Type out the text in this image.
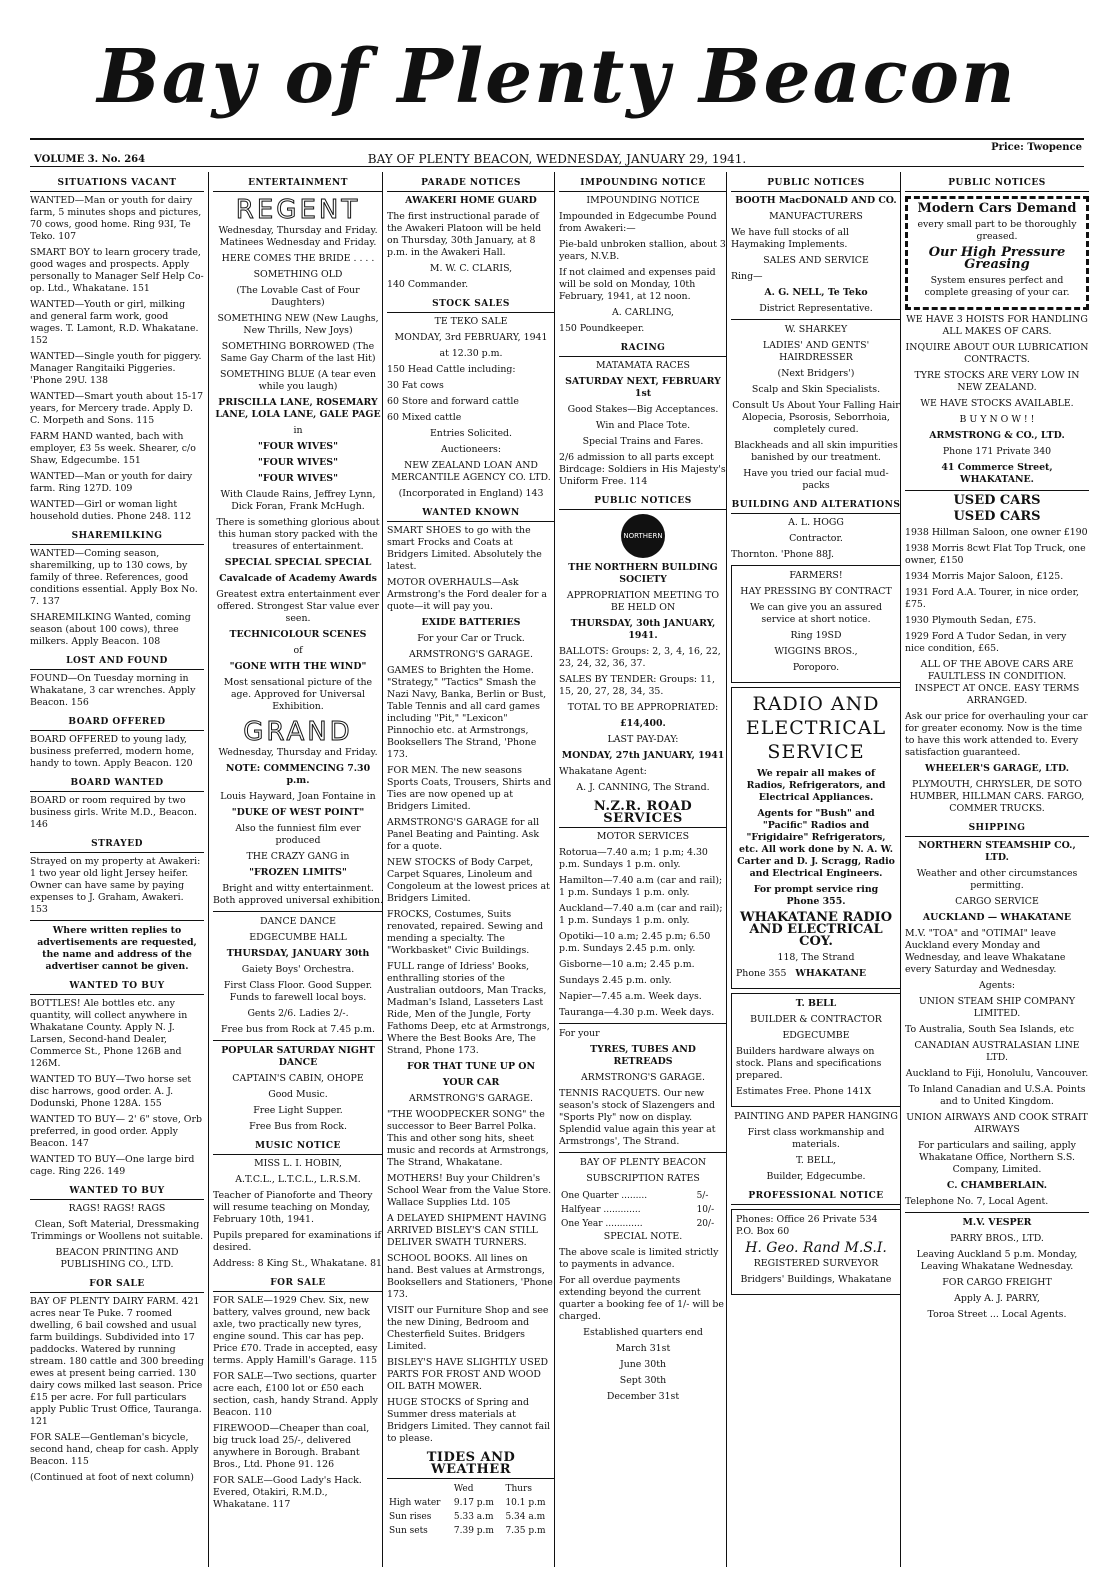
Bay of Plenty Beacon
VOLUME 3. No. 264	BAY OF PLENTY BEACON, WEDNESDAY, JANUARY 29, 1941.
Price: Twopence
SITUATIONS VACANT

WANTED—Man or youth for dairy farm, 5 minutes shops and pictures, 70 cows, good home. Ring 93I, Te Teko. 107

SMART BOY to learn grocery trade, good wages and prospects. Apply personally to Manager Self Help Co-op. Ltd., Whakatane. 151

WANTED—Youth or girl, milking and general farm work, good wages. T. Lamont, R.D. Whakatane. 152

WANTED—Single youth for piggery. Manager Rangitaiki Piggeries. 'Phone 29U. 138

WANTED—Smart youth about 15-17 years, for Mercery trade. Apply D. C. Morpeth and Sons. 115

FARM HAND wanted, bach with employer, £3 5s week. Shearer, c/o Shaw, Edgecumbe. 151

WANTED—Man or youth for dairy farm. Ring 127D. 109

WANTED—Girl or woman light household duties. Phone 248. 112

SHAREMILKING

WANTED—Coming season, sharemilking, up to 130 cows, by family of three. References, good conditions essential. Apply Box No. 7. 137

SHAREMILKING Wanted, coming season (about 100 cows), three milkers. Apply Beacon. 108

LOST AND FOUND

FOUND—On Tuesday morning in Whakatane, 3 car wrenches. Apply Beacon. 156

BOARD OFFERED

BOARD OFFERED to young lady, business preferred, modern home, handy to town. Apply Beacon. 120

BOARD WANTED

BOARD or room required by two business girls. Write M.D., Beacon. 146

STRAYED

Strayed on my property at Awakeri: 1 two year old light Jersey heifer. Owner can have same by paying expenses to J. Graham, Awakeri. 153

Where written replies to advertisements are requested, the name and address of the advertiser cannot be given.

WANTED TO BUY

BOTTLES! Ale bottles etc. any quantity, will collect anywhere in Whakatane County. Apply N. J. Larsen, Second-hand Dealer, Commerce St., Phone 126B and 126M.

WANTED TO BUY—Two horse set disc harrows, good order. A. J. Dodunski, Phone 128A. 155

WANTED TO BUY— 2' 6" stove, Orb preferred, in good order. Apply Beacon. 147

WANTED TO BUY—One large bird cage. Ring 226. 149

WANTED TO BUY

RAGS! RAGS! RAGS

Clean, Soft Material, Dressmaking Trimmings or Woollens not suitable.

BEACON PRINTING AND PUBLISHING CO., LTD.

FOR SALE

BAY OF PLENTY DAIRY FARM. 421 acres near Te Puke. 7 roomed dwelling, 6 bail cowshed and usual farm buildings. Subdivided into 17 paddocks. Watered by running stream. 180 cattle and 300 breeding ewes at present being carried. 130 dairy cows milked last season. Price £15 per acre. For full particulars apply Public Trust Office, Tauranga. 121

FOR SALE—Gentleman's bicycle, second hand, cheap for cash. Apply Beacon. 115

(Continued at foot of next column)

ENTERTAINMENT
REGENT

Wednesday, Thursday and Friday. Matinees Wednesday and Friday.

HERE COMES THE BRIDE . . . .

SOMETHING OLD

(The Lovable Cast of Four Daughters)

SOMETHING NEW (New Laughs, New Thrills, New Joys)

SOMETHING BORROWED (The Same Gay Charm of the last Hit)

SOMETHING BLUE (A tear even while you laugh)

PRISCILLA LANE, ROSEMARY LANE, LOLA LANE, GALE PAGE

in

"FOUR WIVES"

"FOUR WIVES"

"FOUR WIVES"

With Claude Rains, Jeffrey Lynn, Dick Foran, Frank McHugh.

There is something glorious about this human story packed with the treasures of entertainment.

SPECIAL SPECIAL SPECIAL

Cavalcade of Academy Awards

Greatest extra entertainment ever offered. Strongest Star value ever seen.

TECHNICOLOUR SCENES

of

"GONE WITH THE WIND"

Most sensational picture of the age. Approved for Universal Exhibition.

GRAND

Wednesday, Thursday and Friday.

NOTE: COMMENCING 7.30 p.m.

Louis Hayward, Joan Fontaine in

"DUKE OF WEST POINT"

Also the funniest film ever produced

THE CRAZY GANG in

"FROZEN LIMITS"

Bright and witty entertainment. Both approved universal exhibition.

DANCE DANCE

EDGECUMBE HALL

THURSDAY, JANUARY 30th

Gaiety Boys' Orchestra.

First Class Floor. Good Supper. Funds to farewell local boys.

Gents 2/6. Ladies 2/-.

Free bus from Rock at 7.45 p.m.

POPULAR SATURDAY NIGHT DANCE

CAPTAIN'S CABIN, OHOPE

Good Music.

Free Light Supper.

Free Bus from Rock.

MUSIC NOTICE

MISS L. I. HOBIN,

A.T.C.L., L.T.C.L., L.R.S.M.

Teacher of Pianoforte and Theory will resume teaching on Monday, February 10th, 1941.

Pupils prepared for examinations if desired.

Address: 8 King St., Whakatane. 81

FOR SALE

FOR SALE—1929 Chev. Six, new battery, valves ground, new back axle, two practically new tyres, engine sound. This car has pep. Price £70. Trade in accepted, easy terms. Apply Hamill's Garage. 115

FOR SALE—Two sections, quarter acre each, £100 lot or £50 each section, cash, handy Strand. Apply Beacon. 110

FIREWOOD—Cheaper than coal, big truck load 25/-, delivered anywhere in Borough. Brabant Bros., Ltd. Phone 91. 126

FOR SALE—Good Lady's Hack. Evered, Otakiri, R.M.D., Whakatane. 117

PARADE NOTICES

AWAKERI HOME GUARD

The first instructional parade of the Awakeri Platoon will be held on Thursday, 30th January, at 8 p.m. in the Awakeri Hall.

M. W. C. CLARIS,

140 Commander.

STOCK SALES

TE TEKO SALE

MONDAY, 3rd FEBRUARY, 1941

at 12.30 p.m.

150 Head Cattle including:

30 Fat cows

60 Store and forward cattle

60 Mixed cattle

Entries Solicited.

Auctioneers:

NEW ZEALAND LOAN AND MERCANTILE AGENCY CO. LTD.

(Incorporated in England) 143

WANTED KNOWN

SMART SHOES to go with the smart Frocks and Coats at Bridgers Limited. Absolutely the latest.

MOTOR OVERHAULS—Ask Armstrong's the Ford dealer for a quote—it will pay you.

EXIDE BATTERIES

For your Car or Truck.

ARMSTRONG'S GARAGE.

GAMES to Brighten the Home. "Strategy," "Tactics" Smash the Nazi Navy, Banka, Berlin or Bust, Table Tennis and all card games including "Pit," "Lexicon" Pinnochio etc. at Armstrongs, Booksellers The Strand, 'Phone 173.

FOR MEN. The new seasons Sports Coats, Trousers, Shirts and Ties are now opened up at Bridgers Limited.

ARMSTRONG'S GARAGE for all Panel Beating and Painting. Ask for a quote.

NEW STOCKS of Body Carpet, Carpet Squares, Linoleum and Congoleum at the lowest prices at Bridgers Limited.

FROCKS, Costumes, Suits renovated, repaired. Sewing and mending a specialty. The "Workbasket" Civic Buildings.

FULL range of Idriess' Books, enthralling stories of the Australian outdoors, Man Tracks, Madman's Island, Lasseters Last Ride, Men of the Jungle, Forty Fathoms Deep, etc at Armstrongs, Where the Best Books Are, The Strand, Phone 173.

FOR THAT TUNE UP ON

YOUR CAR

ARMSTRONG'S GARAGE.

"THE WOODPECKER SONG" the successor to Beer Barrel Polka. This and other song hits, sheet music and records at Armstrongs, The Strand, Whakatane.

MOTHERS! Buy your Children's School Wear from the Value Store. Wallace Supplies Ltd. 105

A DELAYED SHIPMENT HAVING ARRIVED BISLEY'S CAN STILL DELIVER SWATH TURNERS.

SCHOOL BOOKS. All lines on hand. Best values at Armstrongs, Booksellers and Stationers, 'Phone 173.

VISIT our Furniture Shop and see the new Dining, Bedroom and Chesterfield Suites. Bridgers Limited.

BISLEY'S HAVE SLIGHTLY USED PARTS FOR FROST AND WOOD OIL BATH MOWER.

HUGE STOCKS of Spring and Summer dress materials at Bridgers Limited. They cannot fail to please.

TIDES AND WEATHER
	Wed	Thurs
High water	9.17 p.m	10.1 p.m
Sun rises	5.33 a.m	5.34 a.m
Sun sets	7.39 p.m	7.35 p.m
IMPOUNDING NOTICE

IMPOUNDING NOTICE

Impounded in Edgecumbe Pound from Awakeri:—

Pie-bald unbroken stallion, about 3 years, N.V.B.

If not claimed and expenses paid will be sold on Monday, 10th February, 1941, at 12 noon.

A. CARLING,

150 Poundkeeper.

RACING

MATAMATA RACES

SATURDAY NEXT, FEBRUARY 1st

Good Stakes—Big Acceptances.

Win and Place Tote.

Special Trains and Fares.

2/6 admission to all parts except Birdcage: Soldiers in His Majesty's Uniform Free. 114

PUBLIC NOTICES
NORTHERN

THE NORTHERN BUILDING SOCIETY

APPROPRIATION MEETING TO BE HELD ON

THURSDAY, 30th JANUARY, 1941.

BALLOTS: Groups: 2, 3, 4, 16, 22, 23, 24, 32, 36, 37.

SALES BY TENDER: Groups: 11, 15, 20, 27, 28, 34, 35.

TOTAL TO BE APPROPRIATED:

£14,400.

LAST PAY-DAY:

MONDAY, 27th JANUARY, 1941

Whakatane Agent:

A. J. CANNING, The Strand.

N.Z.R. ROAD SERVICES

MOTOR SERVICES

Rotorua—7.40 a.m; 1 p.m; 4.30 p.m. Sundays 1 p.m. only.

Hamilton—7.40 a.m (car and rail); 1 p.m. Sundays 1 p.m. only.

Auckland—7.40 a.m (car and rail); 1 p.m. Sundays 1 p.m. only.

Opotiki—10 a.m; 2.45 p.m; 6.50 p.m. Sundays 2.45 p.m. only.

Gisborne—10 a.m; 2.45 p.m.

Sundays 2.45 p.m. only.

Napier—7.45 a.m. Week days.

Tauranga—4.30 p.m. Week days.

For your

TYRES, TUBES AND RETREADS

ARMSTRONG'S GARAGE.

TENNIS RACQUETS. Our new season's stock of Slazengers and "Sports Ply" now on display. Splendid value again this year at Armstrongs', The Strand.

BAY OF PLENTY BEACON

SUBSCRIPTION RATES

One Quarter .........	5/-
Halfyear .............	10/-
One Year .............	20/-

SPECIAL NOTE.

The above scale is limited strictly to payments in advance.

For all overdue payments extending beyond the current quarter a booking fee of 1/- will be charged.

Established quarters end

March 31st

June 30th

Sept 30th

December 31st

PUBLIC NOTICES

BOOTH MacDONALD AND CO.

MANUFACTURERS

We have full stocks of all Haymaking Implements.

SALES AND SERVICE

Ring—

A. G. NELL, Te Teko

District Representative.

W. SHARKEY

LADIES' AND GENTS' HAIRDRESSER

(Next Bridgers')

Scalp and Skin Specialists.

Consult Us About Your Falling Hair Alopecia, Psorosis, Seborrhoia, completely cured.

Blackheads and all skin impurities banished by our treatment.

Have you tried our facial mud-packs

BUILDING AND ALTERATIONS

A. L. HOGG

Contractor.

Thornton. 'Phone 88J.

FARMERS!

HAY PRESSING BY CONTRACT

We can give you an assured service at short notice.

Ring 19SD

WIGGINS BROS.,

Poroporo.

RADIO AND ELECTRICAL SERVICE

We repair all makes of Radios, Refrigerators, and Electrical Appliances.

Agents for "Bush" and "Pacific" Radios and "Frigidaire" Refrigerators, etc. All work done by N. A. W. Carter and D. J. Scragg, Radio and Electrical Engineers.

For prompt service ring Phone 355.

WHAKATANE RADIO AND ELECTRICAL COY.

118, The Strand

Phone 355 WHAKATANE

T. BELL

BUILDER & CONTRACTOR

EDGECUMBE

Builders hardware always on stock. Plans and specifications prepared.

Estimates Free. Phone 141X

PAINTING AND PAPER HANGING

First class workmanship and materials.

T. BELL,

Builder, Edgecumbe.

PROFESSIONAL NOTICE

Phones: Office 26 Private 534   P.O. Box 60

H. Geo. Rand M.S.I.

REGISTERED SURVEYOR

Bridgers' Buildings, Whakatane

PUBLIC NOTICES

Modern Cars Demand

every small part to be thoroughly greased.

Our High Pressure Greasing

System ensures perfect and complete greasing of your car.

WE HAVE 3 HOISTS FOR HANDLING ALL MAKES OF CARS.

INQUIRE ABOUT OUR LUBRICATION CONTRACTS.

TYRE STOCKS ARE VERY LOW IN NEW ZEALAND.

WE HAVE STOCKS AVAILABLE.

B U Y N O W ! !

ARMSTRONG & CO., LTD.

Phone 171 Private 340

41 Commerce Street, WHAKATANE.

USED CARS

USED CARS

1938 Hillman Saloon, one owner £190

1938 Morris 8cwt Flat Top Truck, one owner, £150

1934 Morris Major Saloon, £125.

1931 Ford A.A. Tourer, in nice order, £75.

1930 Plymouth Sedan, £75.

1929 Ford A Tudor Sedan, in very nice condition, £65.

ALL OF THE ABOVE CARS ARE FAULTLESS IN CONDITION. INSPECT AT ONCE. EASY TERMS ARRANGED.

Ask our price for overhauling your car for greater economy. Now is the time to have this work attended to. Every satisfaction guaranteed.

WHEELER'S GARAGE, LTD.

PLYMOUTH, CHRYSLER, DE SOTO HUMBER, HILLMAN CARS. FARGO, COMMER TRUCKS.

SHIPPING

NORTHERN STEAMSHIP CO., LTD.

Weather and other circumstances permitting.

CARGO SERVICE

AUCKLAND — WHAKATANE

M.V. "TOA" and "OTIMAI" leave Auckland every Monday and Wednesday, and leave Whakatane every Saturday and Wednesday.

Agents:

UNION STEAM SHIP COMPANY LIMITED.

To Australia, South Sea Islands, etc

CANADIAN AUSTRALASIAN LINE LTD.

Auckland to Fiji, Honolulu, Vancouver.

To Inland Canadian and U.S.A. Points and to United Kingdom.

UNION AIRWAYS AND COOK STRAIT AIRWAYS

For particulars and sailing, apply Whakatane Office, Northern S.S. Company, Limited.

C. CHAMBERLAIN.

Telephone No. 7, Local Agent.

M.V. VESPER

PARRY BROS., LTD.

Leaving Auckland 5 p.m. Monday, Leaving Whakatane Wednesday.

FOR CARGO FREIGHT

Apply A. J. PARRY,

Toroa Street ... Local Agents.
